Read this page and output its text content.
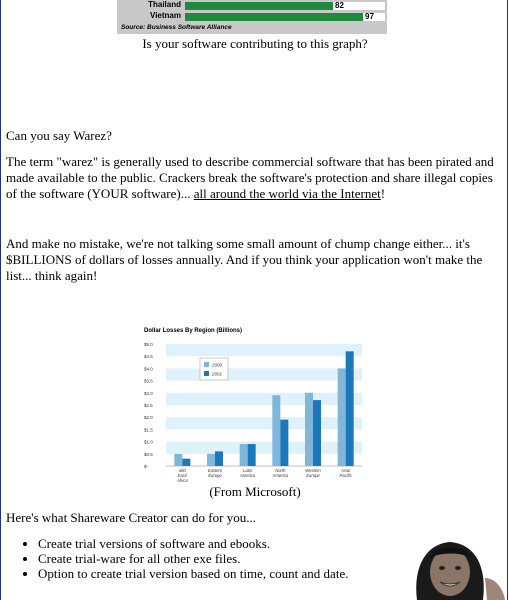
Thailand	82
Vietnam	97
Source: Business Software Alliance
Is your software contributing to this graph?

Can you say Warez?

The term "warez" is generally used to describe commercial software that has been pirated and made available to the public. Crackers break the software's protection and share illegal copies of the software (YOUR software)... all around the world via the Internet!

And make no mistake, we're not talking some small amount of chump change either... it's $BILLIONS of dollars of losses annually. And if you think your application won't make the list... think again!

Dollar Losses By Region (Billions)
$5.0
$4.5
$4.0
$3.5
$3.0
$2.5
$2.0
$1.5
$1.0
$0.5
$-
Mid
East/
Africa
Eastern
Europe
Latin
America
North
America
Western
Europe
Asia/
Pacific
2000
2001
(From Microsoft)

Here's what Shareware Creator can do for you...

• Create trial versions of software and ebooks.
• Create trial-ware for all other exe files.
• Option to create trial version based on time, count and date.
